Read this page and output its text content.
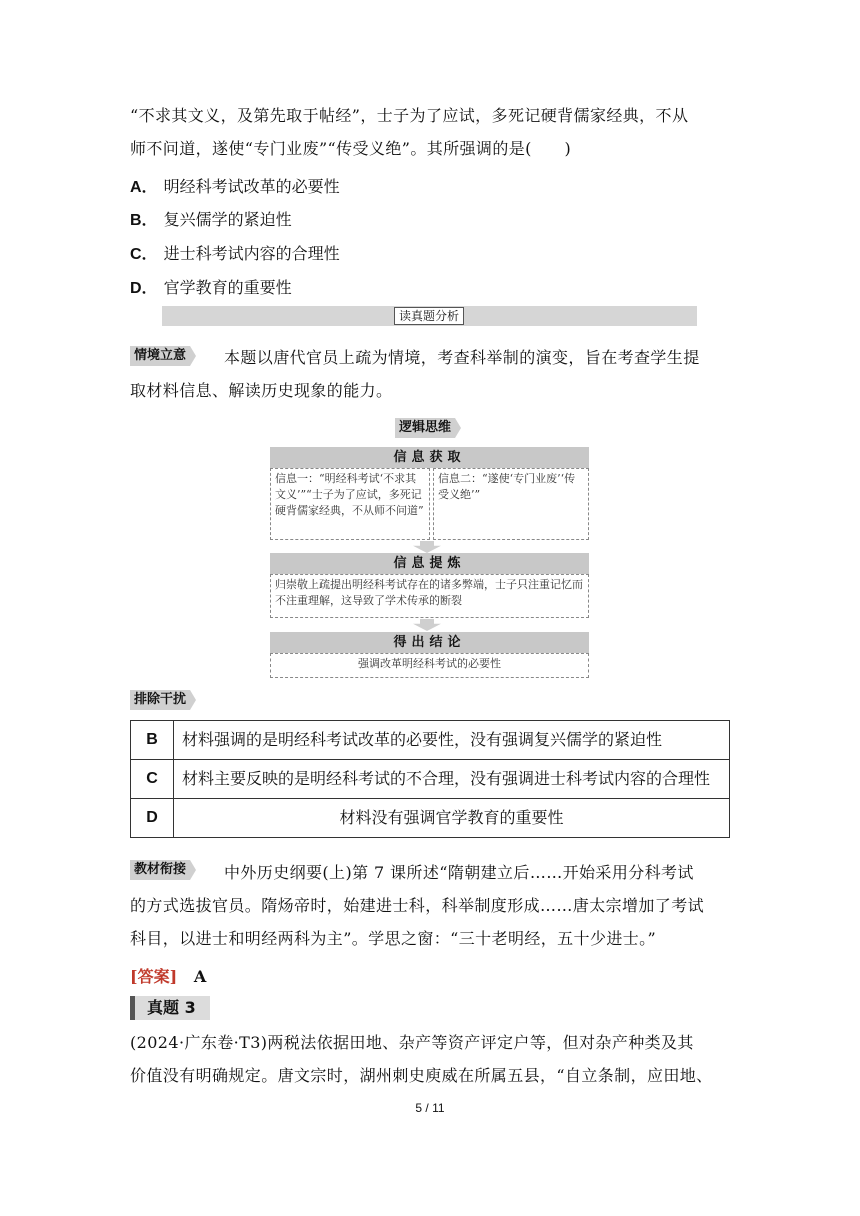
“不求其文义，及第先取于帖经”，士子为了应试，多死记硬背儒家经典，不从
师不问道，遂使“专门业废”“传受义绝”。其所强调的是(　　)
A． 明经科考试改革的必要性
B． 复兴儒学的紧迫性
C． 进士科考试内容的合理性
D． 官学教育的重要性
读真题分析
情境立意 本题以唐代官员上疏为情境，考查科举制的演变，旨在考查学生提
取材料信息、解读历史现象的能力。
逻辑思维
信息获取
信息一：“明经科考试‘不求其文义’”“士子为了应试，多死记硬背儒家经典，不从师不问道”
信息二：“遂使‘专门业废’‘传受义绝’”
信息提炼
归崇敬上疏提出明经科考试存在的诸多弊端，士子只注重记忆而不注重理解，这导致了学术传承的断裂
得出结论
强调改革明经科考试的必要性
排除干扰
B	材料强调的是明经科考试改革的必要性，没有强调复兴儒学的紧迫性
C	材料主要反映的是明经科考试的不合理，没有强调进士科考试内容的合理性
D	材料没有强调官学教育的重要性
教材衔接 中外历史纲要(上)第 7 课所述“隋朝建立后……开始采用分科考试
的方式选拔官员。隋炀帝时，始建进士科，科举制度形成……唐太宗增加了考试
科目，以进士和明经两科为主”。学思之窗：“三十老明经，五十少进士。”
[答案] A
真题 3
(2024·广东卷·T3)两税法依据田地、杂产等资产评定户等，但对杂产种类及其
价值没有明确规定。唐文宗时，湖州刺史庾威在所属五县，“自立条制，应田地、
5 / 11
